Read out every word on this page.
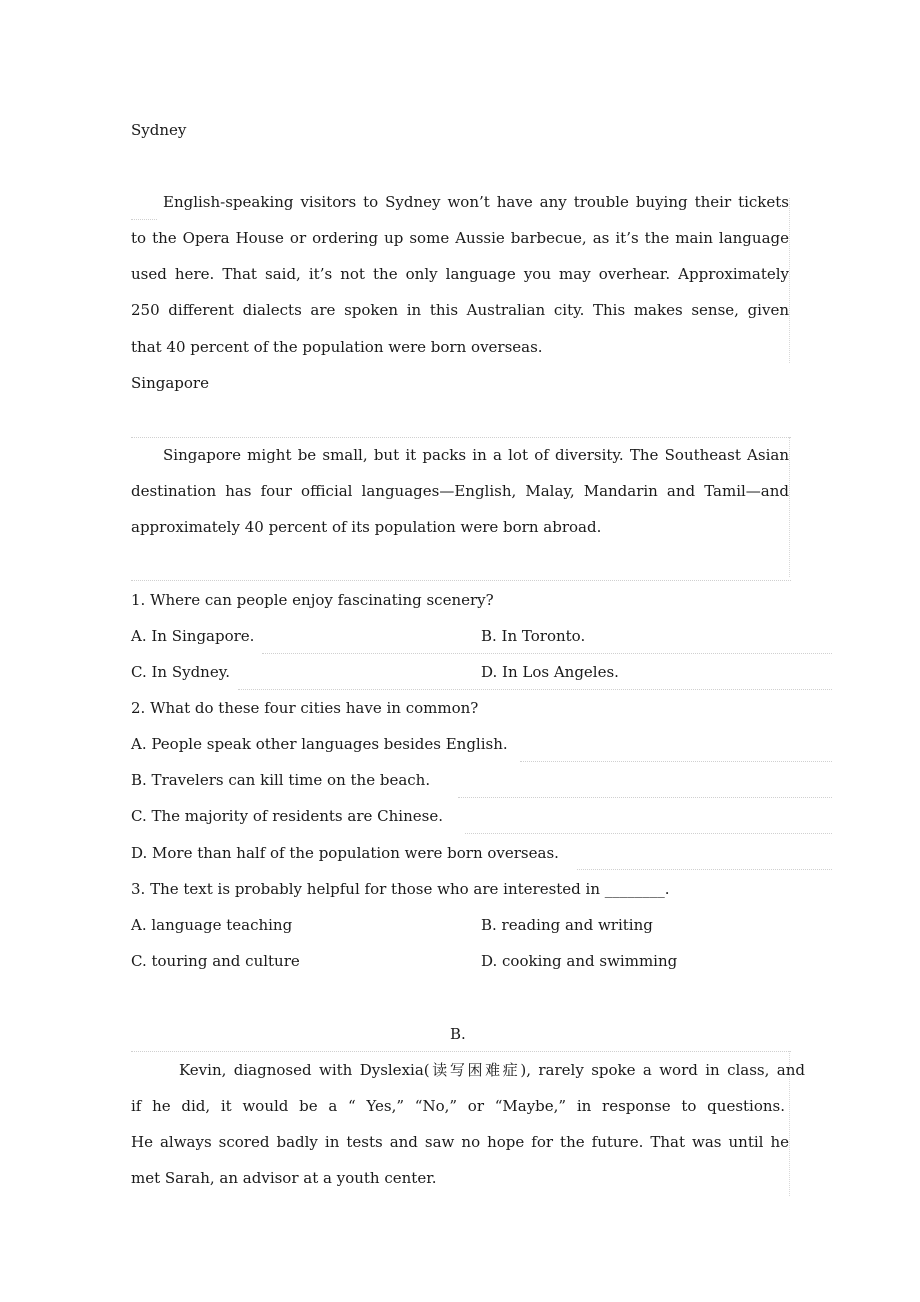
Sydney
English-speaking visitors to Sydney won’t have any trouble buying their tickets
to the Opera House or ordering up some Aussie barbecue, as it’s the main language
used here. That said, it’s not the only language you may overhear. Approximately
250 different dialects are spoken in this Australian city. This makes sense, given
that 40 percent of the population were born overseas.
Singapore
Singapore might be small, but it packs in a lot of diversity. The Southeast Asian
destination has four official languages—English, Malay, Mandarin and Tamil—and
approximately 40 percent of its population were born abroad.
1. Where can people enjoy fascinating scenery?
A. In Singapore.	B. In Toronto.
C. In Sydney.	D. In Los Angeles.
2. What do these four cities have in common?
A. People speak other languages besides English.
B. Travelers can kill time on the beach.
C. The majority of residents are Chinese.
D. More than half of the population were born overseas.
3. The text is probably helpful for those who are interested in ________.
A. language teaching	B. reading and writing
C. touring and culture	D. cooking and swimming
B.
Kevin, diagnosed with Dyslexia(读写困难症), rarely spoke a word in class, and
if he did, it would be a “ Yes,” “No,” or “Maybe,” in response to questions.
He always scored badly in tests and saw no hope for the future. That was until he
met Sarah, an advisor at a youth center.
